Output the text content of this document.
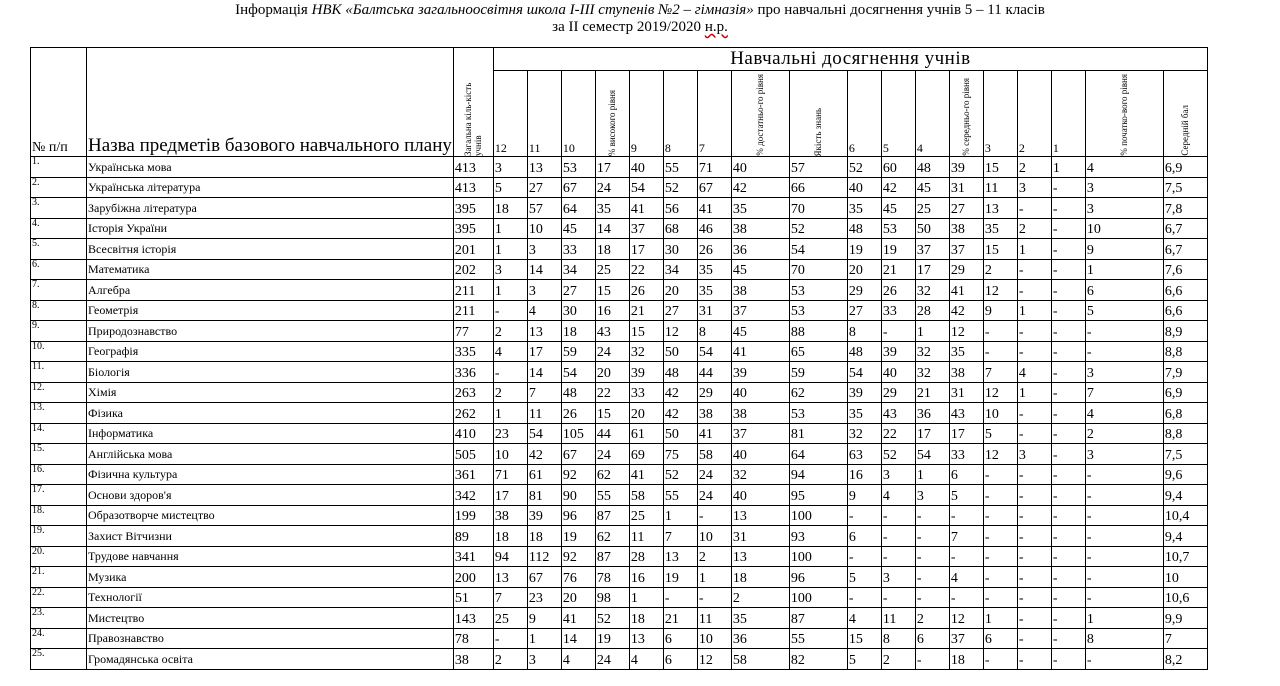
Інформація НВК «Балтська загальноосвітня школа І-ІІІ ступенів №2 – гімназія» про навчальні досягнення учнів 5 – 11 класів
за ІІ семестр 2019/2020 н.р.
№ п/п	Назва предметів базового навчального плану	Загальна кіль-кість учнів	Навчальні досягнення учнів																	
			12	11	10	% високого рівня	9	8	7	% достатньо-го рівня	Якість знань	6	5	4	% середньо-го рівня	3	2	1	% початко-вого рівня	Середній бал

1.	Українська мова	413	3	13	53	17	40	55	71	40	57	52	60	48	39	15	2	1	4	6,9
2.	Українська література	413	5	27	67	24	54	52	67	42	66	40	42	45	31	11	3	-	3	7,5
3.	Зарубіжна література	395	18	57	64	35	41	56	41	35	70	35	45	25	27	13	-	-	3	7,8
4.	Історія України	395	1	10	45	14	37	68	46	38	52	48	53	50	38	35	2	-	10	6,7
5.	Всесвітня історія	201	1	3	33	18	17	30	26	36	54	19	19	37	37	15	1	-	9	6,7
6.	Математика	202	3	14	34	25	22	34	35	45	70	20	21	17	29	2	-	-	1	7,6
7.	Алгебра	211	1	3	27	15	26	20	35	38	53	29	26	32	41	12	-	-	6	6,6
8.	Геометрія	211	-	4	30	16	21	27	31	37	53	27	33	28	42	9	1	-	5	6,6
9.	Природознавство	77	2	13	18	43	15	12	8	45	88	8	-	1	12	-	-	-	-	8,9
10.	Географія	335	4	17	59	24	32	50	54	41	65	48	39	32	35	-	-	-	-	8,8
11.	Біологія	336	-	14	54	20	39	48	44	39	59	54	40	32	38	7	4	-	3	7,9
12.	Хімія	263	2	7	48	22	33	42	29	40	62	39	29	21	31	12	1	-	7	6,9
13.	Фізика	262	1	11	26	15	20	42	38	38	53	35	43	36	43	10	-	-	4	6,8
14.	Інформатика	410	23	54	105	44	61	50	41	37	81	32	22	17	17	5	-	-	2	8,8
15.	Англійська мова	505	10	42	67	24	69	75	58	40	64	63	52	54	33	12	3	-	3	7,5
16.	Фізична культура	361	71	61	92	62	41	52	24	32	94	16	3	1	6	-	-	-	-	9,6
17.	Основи здоров'я	342	17	81	90	55	58	55	24	40	95	9	4	3	5	-	-	-	-	9,4
18.	Образотворче мистецтво	199	38	39	96	87	25	1	-	13	100	-	-	-	-	-	-	-	-	10,4
19.	Захист Вітчизни	89	18	18	19	62	11	7	10	31	93	6	-	-	7	-	-	-	-	9,4
20.	Трудове навчання	341	94	112	92	87	28	13	2	13	100	-	-	-	-	-	-	-	-	10,7
21.	Музика	200	13	67	76	78	16	19	1	18	96	5	3	-	4	-	-	-	-	10
22.	Технології	51	7	23	20	98	1	-	-	2	100	-	-	-	-	-	-	-	-	10,6
23.	Мистецтво	143	25	9	41	52	18	21	11	35	87	4	11	2	12	1	-	-	1	9,9
24.	Правознавство	78	-	1	14	19	13	6	10	36	55	15	8	6	37	6	-	-	8	7
25.	Громадянська освіта	38	2	3	4	24	4	6	12	58	82	5	2	-	18	-	-	-	-	8,2
